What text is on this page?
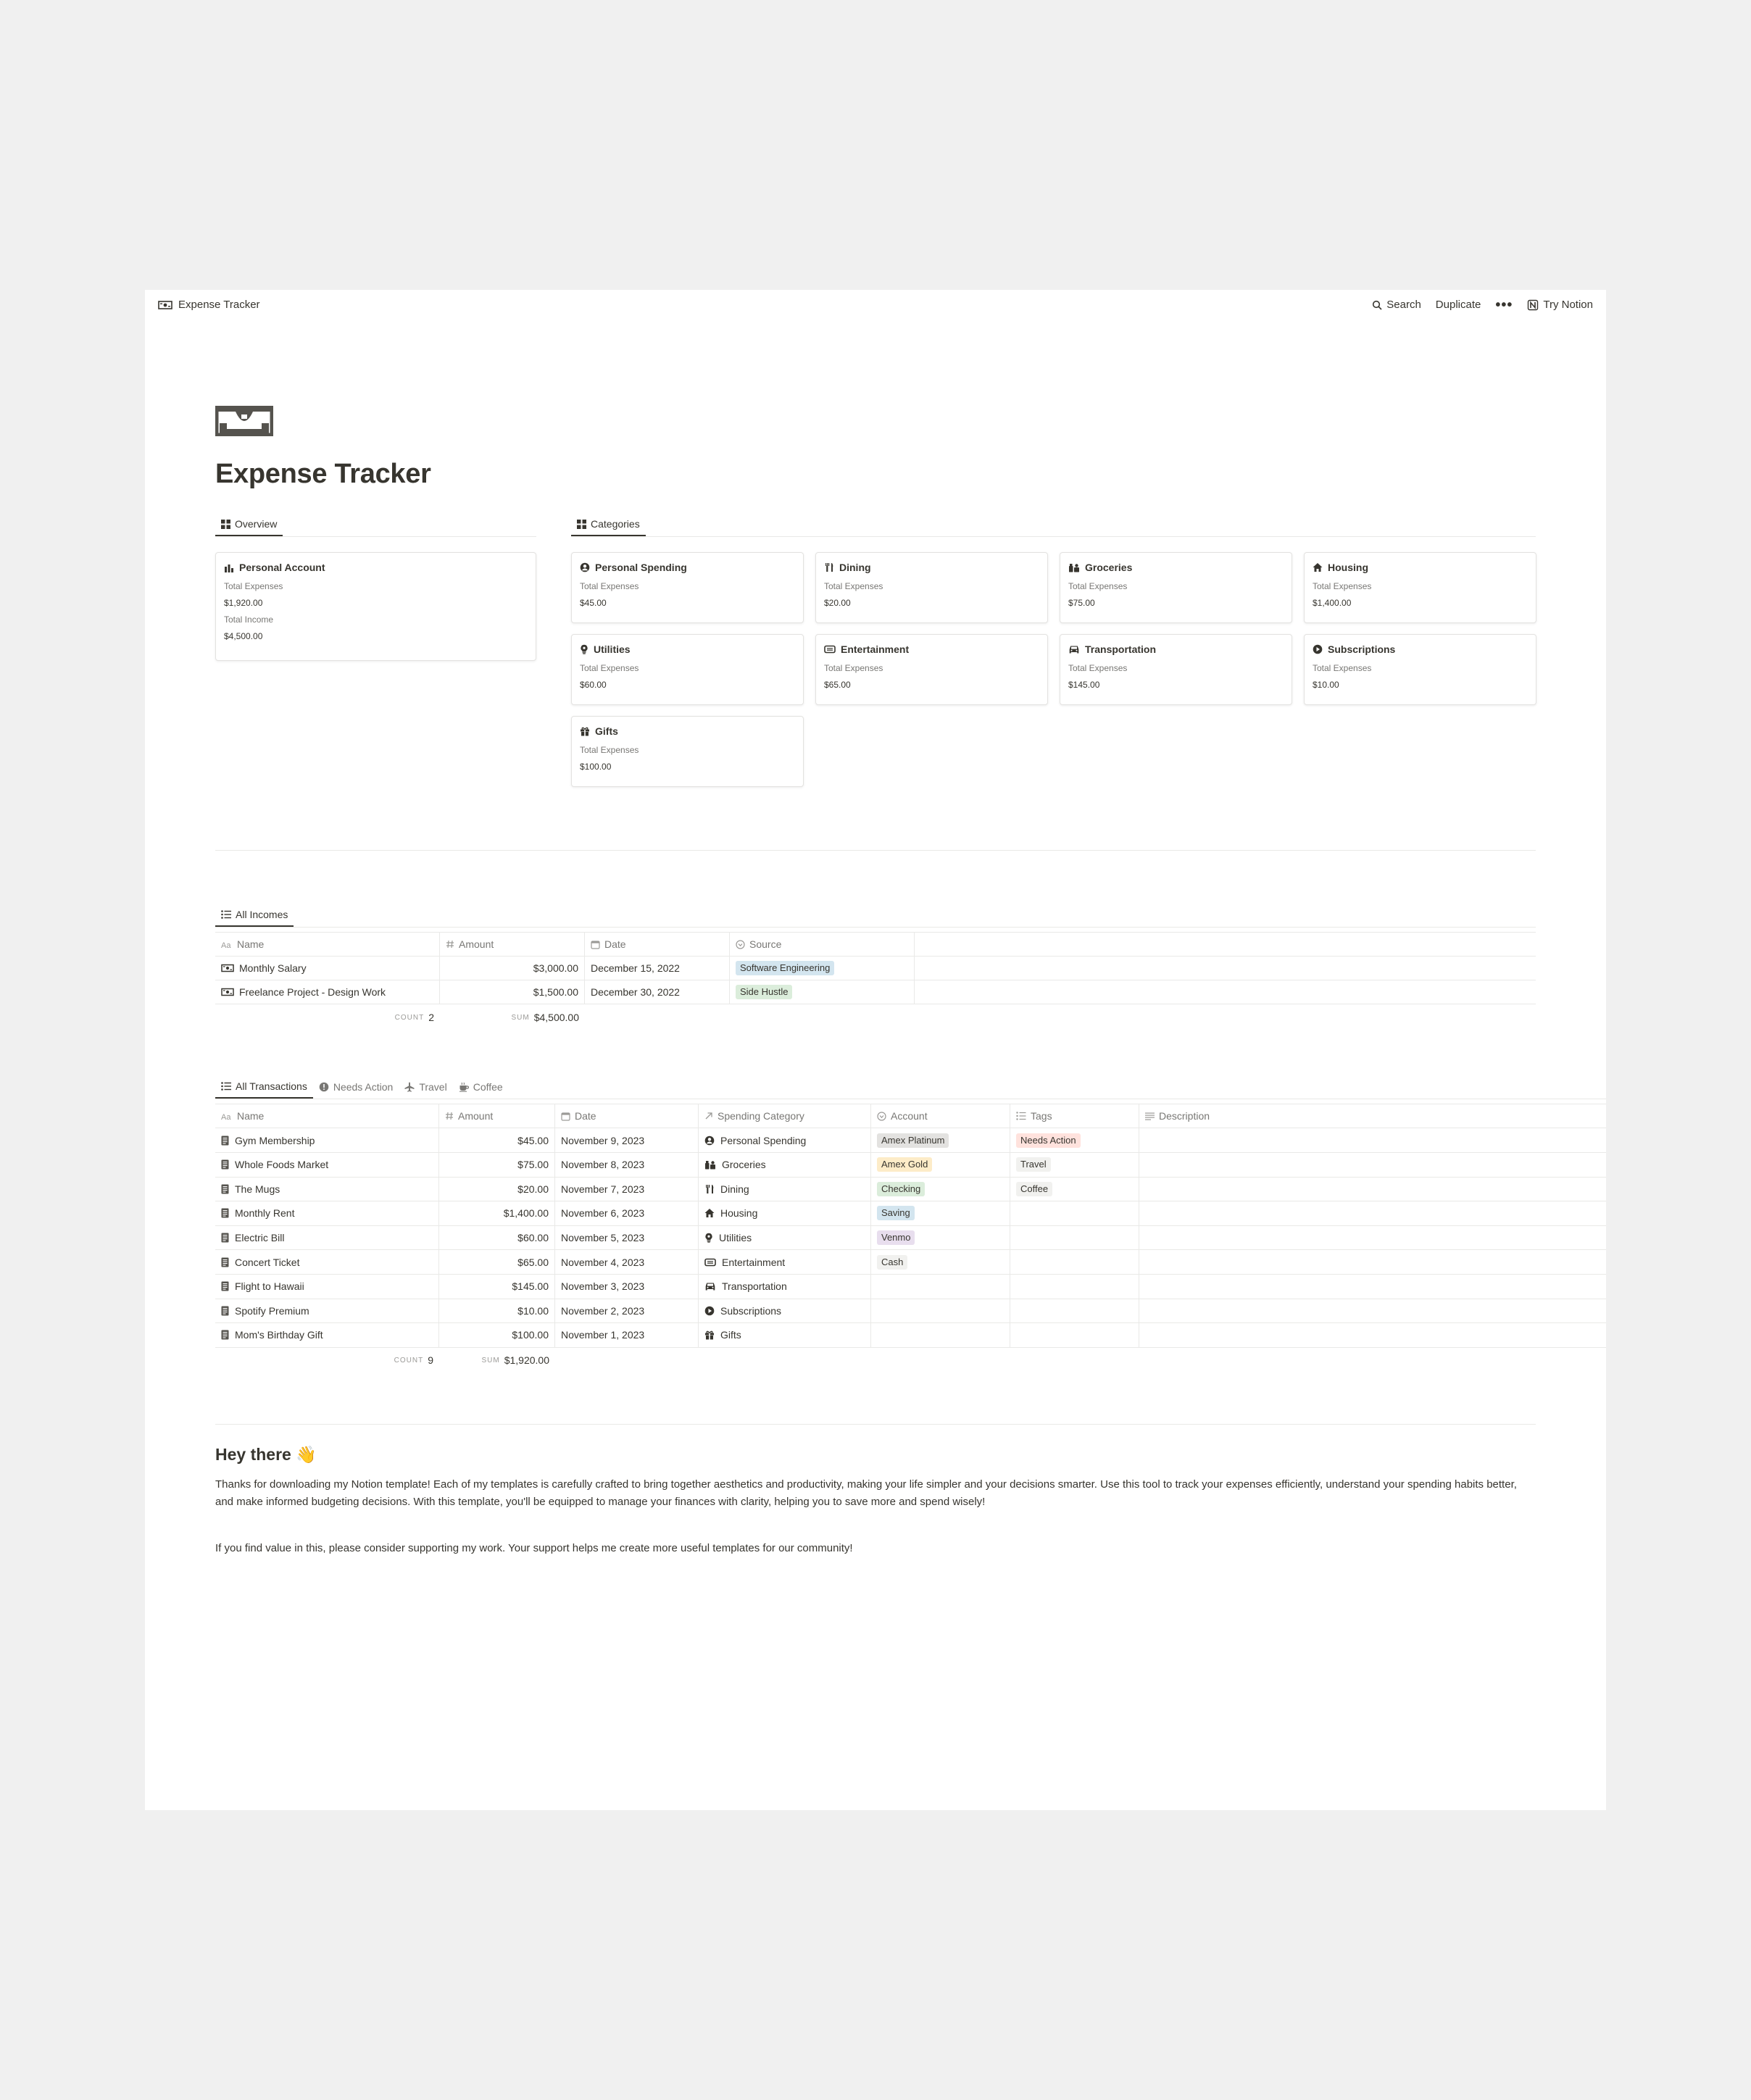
Expense Tracker	Search Duplicate •••	Try Notion
Expense Tracker
Overview
Personal Account
Total Expenses
$1,920.00
Total Income
$4,500.00
Categories
Personal Spending
Total Expenses
$45.00
Dining
Total Expenses
$20.00
Groceries
Total Expenses
$75.00
Housing
Total Expenses
$1,400.00
Utilities
Total Expenses
$60.00
Entertainment
Total Expenses
$65.00
Transportation
Total Expenses
$145.00
Subscriptions
Total Expenses
$10.00
Gifts
Total Expenses
$100.00
All Incomes
Aa Name	Amount	Date	Source
Monthly Salary	$3,000.00 December 15, 2022	Software Engineering
Freelance Project - Design Work	$1,500.00 December 30, 2022	Side Hustle
COUNT 2	SUM $4,500.00
All Transactions	Needs Action	Travel	Coffee
Aa Name	Amount	Date	Spending Category	Account	Tags	Description
Gym Membership	$45.00 November 9, 2023	Personal Spending	Amex Platinum	Needs Action
Whole Foods Market	$75.00 November 8, 2023	Groceries	Amex Gold	Travel
The Mugs	$20.00 November 7, 2023	Dining	Checking	Coffee
Monthly Rent	$1,400.00 November 6, 2023	Housing	Saving
Electric Bill	$60.00 November 5, 2023	Utilities	Venmo
Concert Ticket	$65.00 November 4, 2023	Entertainment	Cash
Flight to Hawaii	$145.00 November 3, 2023	Transportation
Spotify Premium	$10.00 November 2, 2023	Subscriptions
Mom's Birthday Gift	$100.00 November 1, 2023	Gifts
COUNT 9	SUM $1,920.00
Hey there 👋
Thanks for downloading my Notion template! Each of my templates is carefully crafted to bring together aesthetics and productivity, making your life simpler and your decisions smarter. Use this tool to track your expenses efficiently, understand your spending habits better, and make informed budgeting decisions. With this template, you'll be equipped to manage your finances with clarity, helping you to save more and spend wisely!
If you find value in this, please consider supporting my work. Your support helps me create more useful templates for our community!
